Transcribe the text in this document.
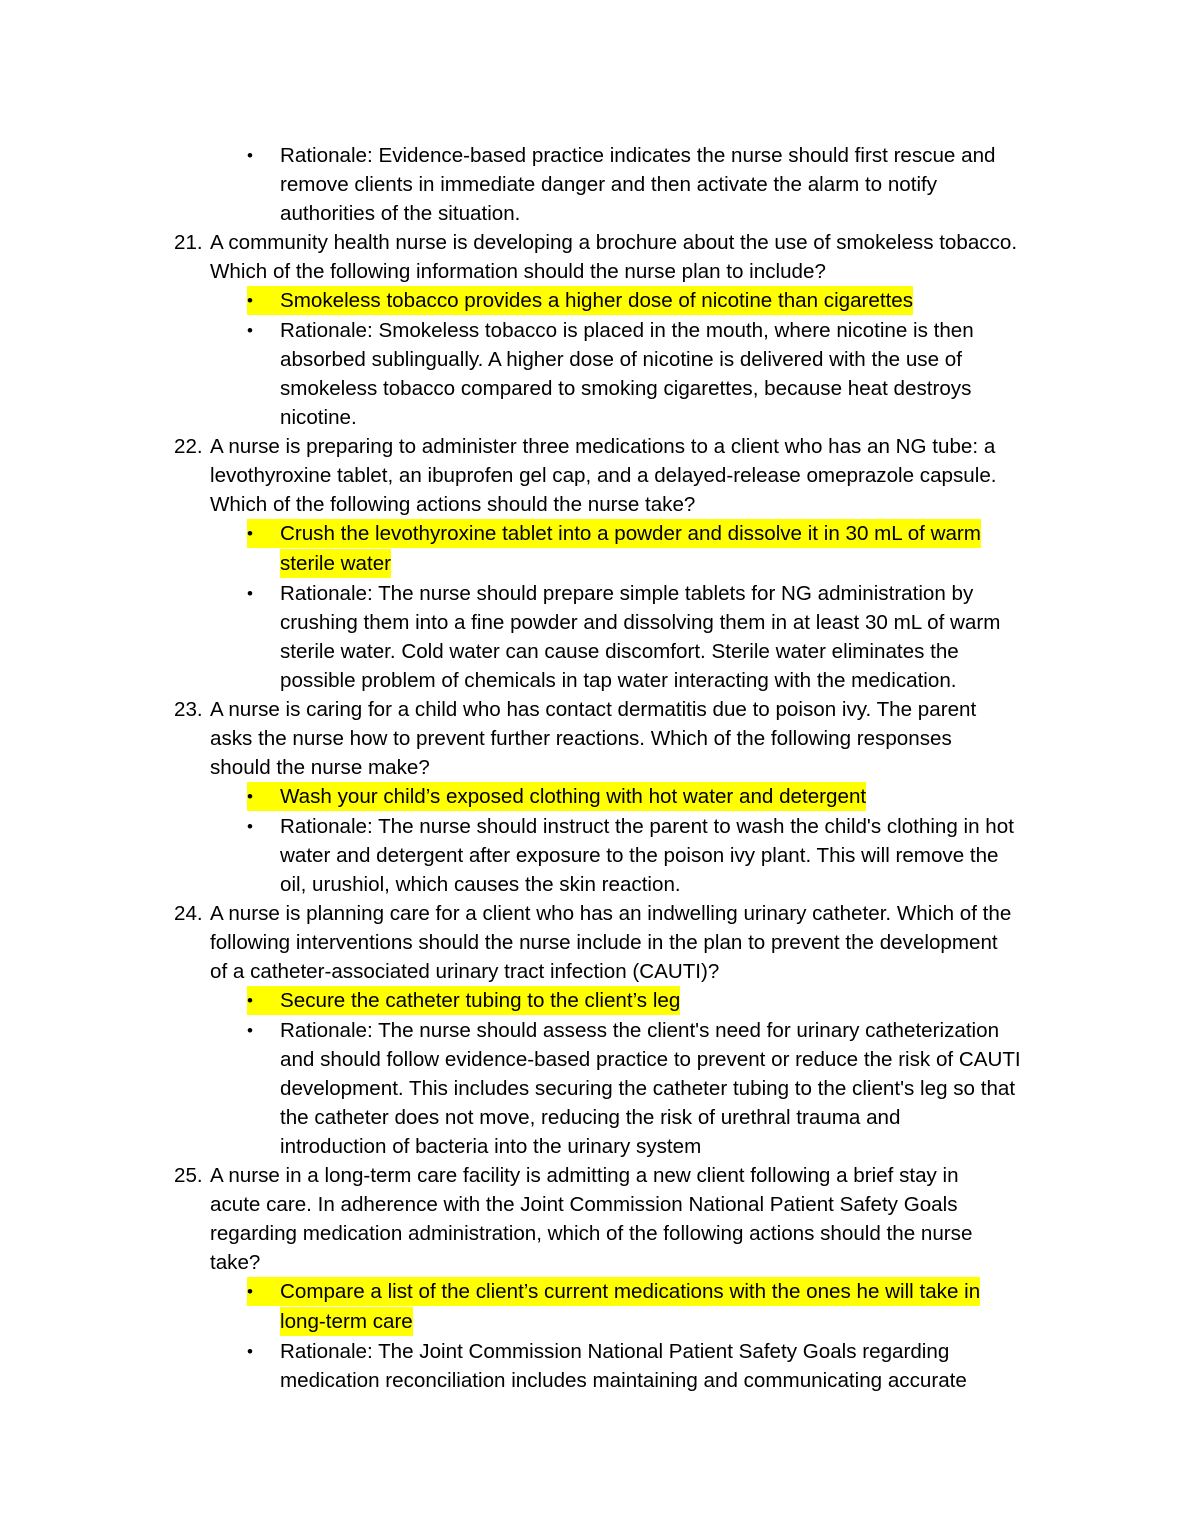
• Rationale: Evidence-based practice indicates the nurse should first rescue and
remove clients in immediate danger and then activate the alarm to notify
authorities of the situation.
21. A community health nurse is developing a brochure about the use of smokeless tobacco.
Which of the following information should the nurse plan to include?
•	Smokeless tobacco provides a higher dose of nicotine than cigarettes
• Rationale: Smokeless tobacco is placed in the mouth, where nicotine is then
absorbed sublingually. A higher dose of nicotine is delivered with the use of
smokeless tobacco compared to smoking cigarettes, because heat destroys
nicotine.
22. A nurse is preparing to administer three medications to a client who has an NG tube: a
levothyroxine tablet, an ibuprofen gel cap, and a delayed-release omeprazole capsule.
Which of the following actions should the nurse take?
•	Crush the levothyroxine tablet into a powder and dissolve it in 30 mL of warm
sterile water
• Rationale: The nurse should prepare simple tablets for NG administration by
crushing them into a fine powder and dissolving them in at least 30 mL of warm
sterile water. Cold water can cause discomfort. Sterile water eliminates the
possible problem of chemicals in tap water interacting with the medication.
23. A nurse is caring for a child who has contact dermatitis due to poison ivy. The parent
asks the nurse how to prevent further reactions. Which of the following responses
should the nurse make?
•	Wash your child’s exposed clothing with hot water and detergent
• Rationale: The nurse should instruct the parent to wash the child's clothing in hot
water and detergent after exposure to the poison ivy plant. This will remove the
oil, urushiol, which causes the skin reaction.
24. A nurse is planning care for a client who has an indwelling urinary catheter. Which of the
following interventions should the nurse include in the plan to prevent the development
of a catheter-associated urinary tract infection (CAUTI)?
•	Secure the catheter tubing to the client’s leg
• Rationale: The nurse should assess the client's need for urinary catheterization
and should follow evidence-based practice to prevent or reduce the risk of CAUTI
development. This includes securing the catheter tubing to the client's leg so that
the catheter does not move, reducing the risk of urethral trauma and
introduction of bacteria into the urinary system
25. A nurse in a long-term care facility is admitting a new client following a brief stay in
acute care. In adherence with the Joint Commission National Patient Safety Goals
regarding medication administration, which of the following actions should the nurse
take?
•	Compare a list of the client’s current medications with the ones he will take in
long-term care
• Rationale: The Joint Commission National Patient Safety Goals regarding
medication reconciliation includes maintaining and communicating accurate
